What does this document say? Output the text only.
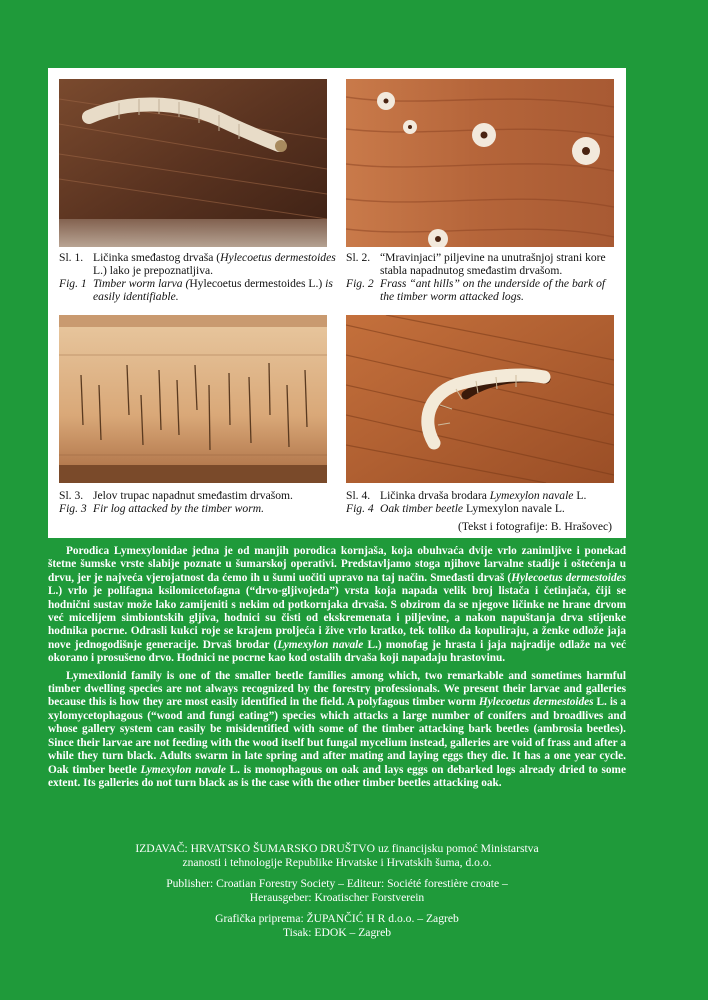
Sl. 1. Ličinka smeđastog drvaša (Hylecoetus dermestoides L.) lako je prepoznatljiva.
Fig. 1 Timber worm larva (Hylecoetus dermestoides L.) is easily identifiable.
Sl. 2. “Mravinjaci” piljevine na unutrašnjoj strani kore stabla napadnutog smeđastim drvašom.
Fig. 2 Frass “ant hills” on the underside of the bark of the timber worm attacked logs.
Sl. 3. Jelov trupac napadnut smeđastim drvašom.
Fig. 3 Fir log attacked by the timber worm.
Sl. 4. Ličinka drvaša brodara Lymexylon navale L.
Fig. 4 Oak timber beetle Lymexylon navale L.
(Tekst i fotografije: B. Hrašovec)

Porodica Lymexylonidae jedna je od manjih porodica kornjaša, koja obuhvaća dvije vrlo zanimljive i ponekad štetne šumske vrste slabije poznate u šumarskoj operativi. Predstavljamo stoga njihove larvalne stadije i oštećenja u drvu, jer je najveća vjerojatnost da ćemo ih u šumi uočiti upravo na taj način. Smeđasti drvaš (Hylecoetus dermestoides L.) vrlo je polifagna ksilomicetofagna (“drvo-gljivojeda”) vrsta koja napada velik broj listača i četinjača, čiji se hodnični sustav može lako zamijeniti s nekim od potkornjaka drvaša. S obzirom da se njegove ličinke ne hrane drvom već micelijem simbiontskih gljiva, hodnici su čisti od ekskremenata i piljevine, a nakon napuštanja drva stijenke hodnika pocrne. Odrasli kukci roje se krajem proljeća i žive vrlo kratko, tek toliko da kopuliraju, a ženke odlože jaja nove jednogodišnje generacije. Drvaš brodar (Lymexylon navale L.) monofag je hrasta i jaja najradije odlaže na već okorano i prosušeno drvo. Hodnici ne pocrne kao kod ostalih drvaša koji napadaju hrastovinu.

Lymexilonid family is one of the smaller beetle families among which, two remarkable and sometimes harmful timber dwelling species are not always recognized by the forestry professionals. We present their larvae and galleries because this is how they are most easily identified in the field. A polyfagous timber worm Hylecoetus dermestoides L. is a xylomycetophagous (“wood and fungi eating”) species which attacks a large number of conifers and broadlives and whose gallery system can easily be misidentified with some of the timber attacking bark beetles (ambrosia beetles). Since their larvae are not feeding with the wood itself but fungal mycelium instead, galleries are void of frass and after a while they turn black. Adults swarm in late spring and after mating and laying eggs they die. It has a one year cycle. Oak timber beetle Lymexylon navale L. is monophagous on oak and lays eggs on debarked logs already dried to some extent. Its galleries do not turn black as is the case with the other timber beetles attacking oak.

IZDAVAČ: HRVATSKO ŠUMARSKO DRUŠTVO uz financijsku pomoć Ministarstva
znanosti i tehnologije Republike Hrvatske i Hrvatskih šuma, d.o.o.
Publisher: Croatian Forestry Society – Editeur: Société forestière croate –
Herausgeber: Kroatischer Forstverein
Grafička priprema: ŽUPANČIĆ H R d.o.o. – Zagreb
Tisak: EDOK – Zagreb
